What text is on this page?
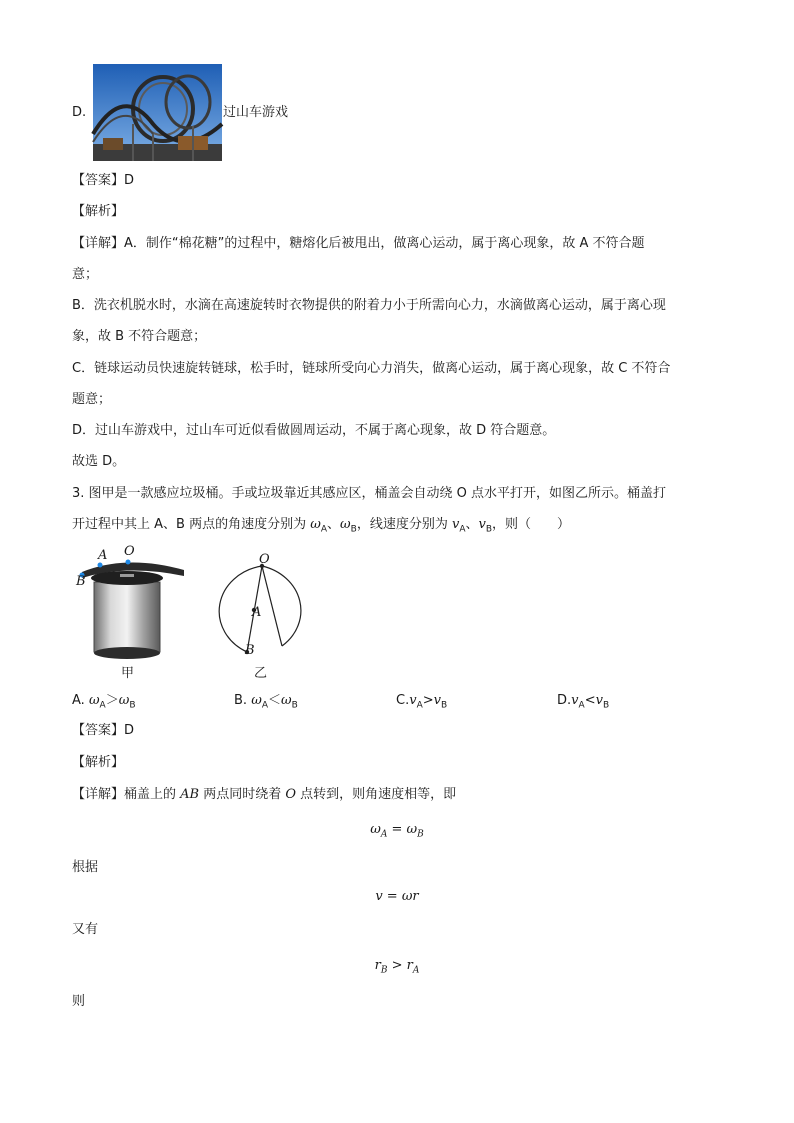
D.	过山车游戏
【答案】D
【解析】
【详解】A．制作“棉花糖”的过程中，糖熔化后被甩出，做离心运动，属于离心现象，故 A 不符合题
意；
B．洗衣机脱水时，水滴在高速旋转时衣物提供的附着力小于所需向心力，水滴做离心运动，属于离心现
象，故 B 不符合题意；
C．链球运动员快速旋转链球，松手时，链球所受向心力消失，做离心运动，属于离心现象，故 C 不符合
题意；
D．过山车游戏中，过山车可近似看做圆周运动，不属于离心现象，故 D 符合题意。
故选 D。
3. 图甲是一款感应垃圾桶。手或垃圾靠近其感应区，桶盖会自动绕 O 点水平打开，如图乙所示。桶盖打
开过程中其上 A、B 两点的角速度分别为 $\omega_A$、$\omega_B$，线速度分别为 $v_A$、$v_B$，则（　　）
A O
B
甲
O
A
B
乙
A. $\omega_A>\omega_B$	B. $\omega_A<\omega_B$	$C.v_A>v_B$	$D.v_A<v_B$
【答案】D
【解析】
【详解】桶盖上的 AB 两点同时绕着 O 点转到，则角速度相等，即
$\omega_A = \omega_B$
根据
v = ωr
又有
$r_B > r_A$
则
